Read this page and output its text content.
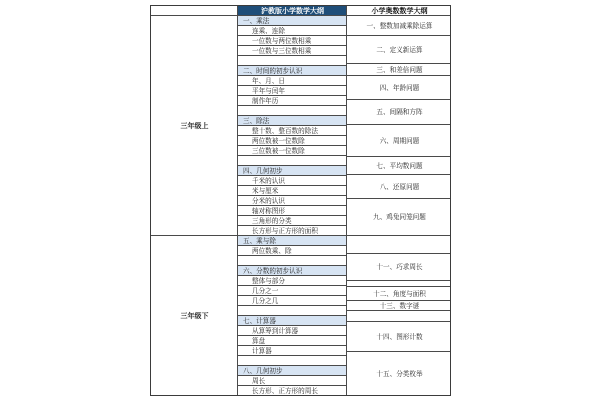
沪教版小学数学大纲	小学奥数数学大纲
三年级上
三年级下
一、乘法
连乘、连除
一位数与两位数相乘
一位数与三位数相乘
二、时间的初步认识
年、月、日
平年与闰年
制作年历
三、除法
整十数、整百数的除法
两位数被一位数除
三位数被一位数除
四、几何初步
千米的认识
米与厘米
分米的认识
轴对称图形
三角形的分类
长方形与正方形的面积
五、乘与除
两位数乘、除
六、分数的初步认识
整体与部分
几分之一
几分之几
七、计算器
从算筹到计算器
算盘
计算器
八、几何初步
周长
长方形、正方形的周长
一、整数加减乘除运算
二、定义新运算
三、和差倍问题
四、年龄问题
五、间隔和方阵
六、周期问题
七、平均数问题
八、还原问题
九、鸡兔同笼问题
十一、巧求周长
十二、角度与面积
十三、数字谜
十四、图形计数
十五、分类枚举
